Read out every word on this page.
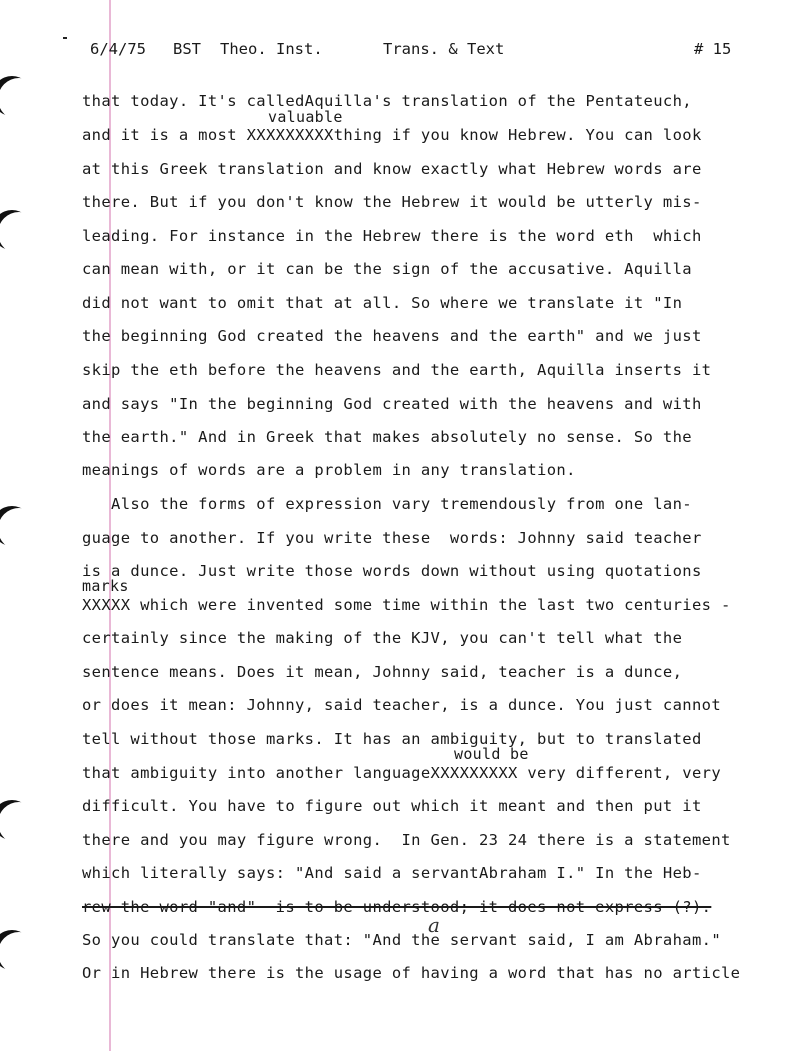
6/4/75

BST

Theo. Inst.

	Trans. & Text

	# 15

valuable
marks
would be
a
that today. It's calledAquilla's translation of the Pentateuch,
and it is a most XXXXXXXXXthing if you know Hebrew. You can look
at this Greek translation and know exactly what Hebrew words are
there. But if you don't know the Hebrew it would be utterly mis-
leading. For instance in the Hebrew there is the word eth  which
can mean with, or it can be the sign of the accusative. Aquilla
did not want to omit that at all. So where we translate it "In
the beginning God created the heavens and the earth" and we just
skip the eth before the heavens and the earth, Aquilla inserts it
and says "In the beginning God created with the heavens and with
the earth." And in Greek that makes absolutely no sense. So the
meanings of words are a problem in any translation.
Also the forms of expression vary tremendously from one lan-
guage to another. If you write these  words: Johnny said teacher
is a dunce. Just write those words down without using quotations
XXXXX which were invented some time within the last two centuries -
certainly since the making of the KJV, you can't tell what the
sentence means. Does it mean, Johnny said, teacher is a dunce,
or does it mean: Johnny, said teacher, is a dunce. You just cannot
tell without those marks. It has an ambiguity, but to translated
that ambiguity into another languageXXXXXXXXX very different, very
difficult. You have to figure out which it meant and then put it
there and you may figure wrong.  In Gen. 23 24 there is a statement
which literally says: "And said a servantAbraham I." In the Heb-
rew the word "and"  is to be understood; it does not express (?).
So you could translate that: "And the servant said, I am Abraham."
Or in Hebrew there is the usage of having a word that has no article
